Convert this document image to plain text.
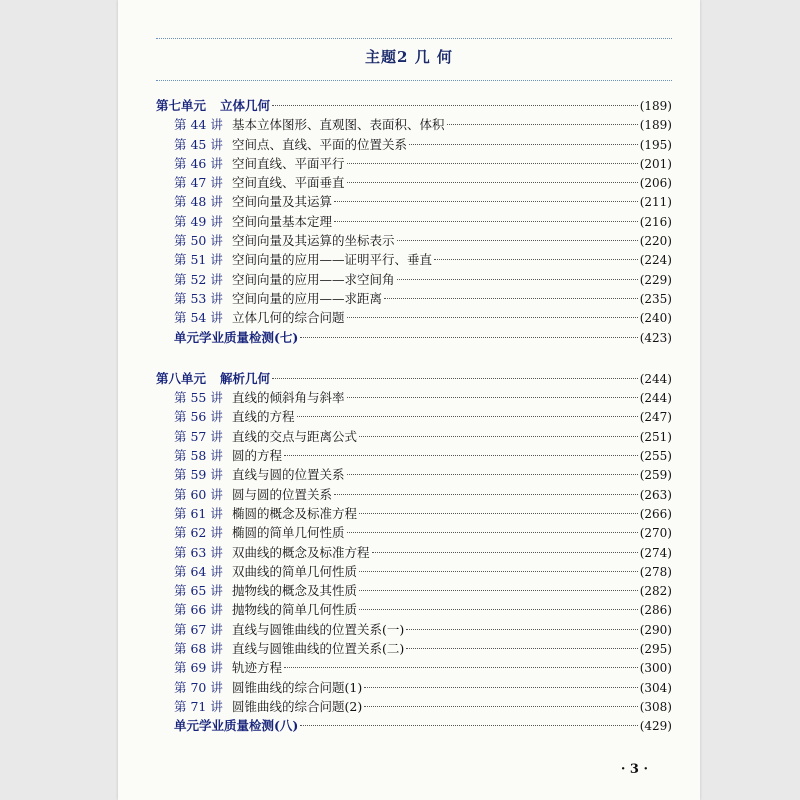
主题2 几 何
第七单元 立体几何	(189)
第 44 讲 基本立体图形、直观图、表面积、体积	(189)
第 45 讲 空间点、直线、平面的位置关系	(195)
第 46 讲 空间直线、平面平行	(201)
第 47 讲 空间直线、平面垂直	(206)
第 48 讲 空间向量及其运算	(211)
第 49 讲 空间向量基本定理	(216)
第 50 讲 空间向量及其运算的坐标表示	(220)
第 51 讲 空间向量的应用——证明平行、垂直	(224)
第 52 讲 空间向量的应用——求空间角	(229)
第 53 讲 空间向量的应用——求距离	(235)
第 54 讲 立体几何的综合问题	(240)
单元学业质量检测(七)	(423)
第八单元 解析几何	(244)
第 55 讲 直线的倾斜角与斜率	(244)
第 56 讲 直线的方程	(247)
第 57 讲 直线的交点与距离公式	(251)
第 58 讲 圆的方程	(255)
第 59 讲 直线与圆的位置关系	(259)
第 60 讲 圆与圆的位置关系	(263)
第 61 讲 椭圆的概念及标准方程	(266)
第 62 讲 椭圆的简单几何性质	(270)
第 63 讲 双曲线的概念及标准方程	(274)
第 64 讲 双曲线的简单几何性质	(278)
第 65 讲 抛物线的概念及其性质	(282)
第 66 讲 抛物线的简单几何性质	(286)
第 67 讲 直线与圆锥曲线的位置关系(一)	(290)
第 68 讲 直线与圆锥曲线的位置关系(二)	(295)
第 69 讲 轨迹方程	(300)
第 70 讲 圆锥曲线的综合问题(1)	(304)
第 71 讲 圆锥曲线的综合问题(2)	(308)
单元学业质量检测(八)	(429)
· 3 ·
